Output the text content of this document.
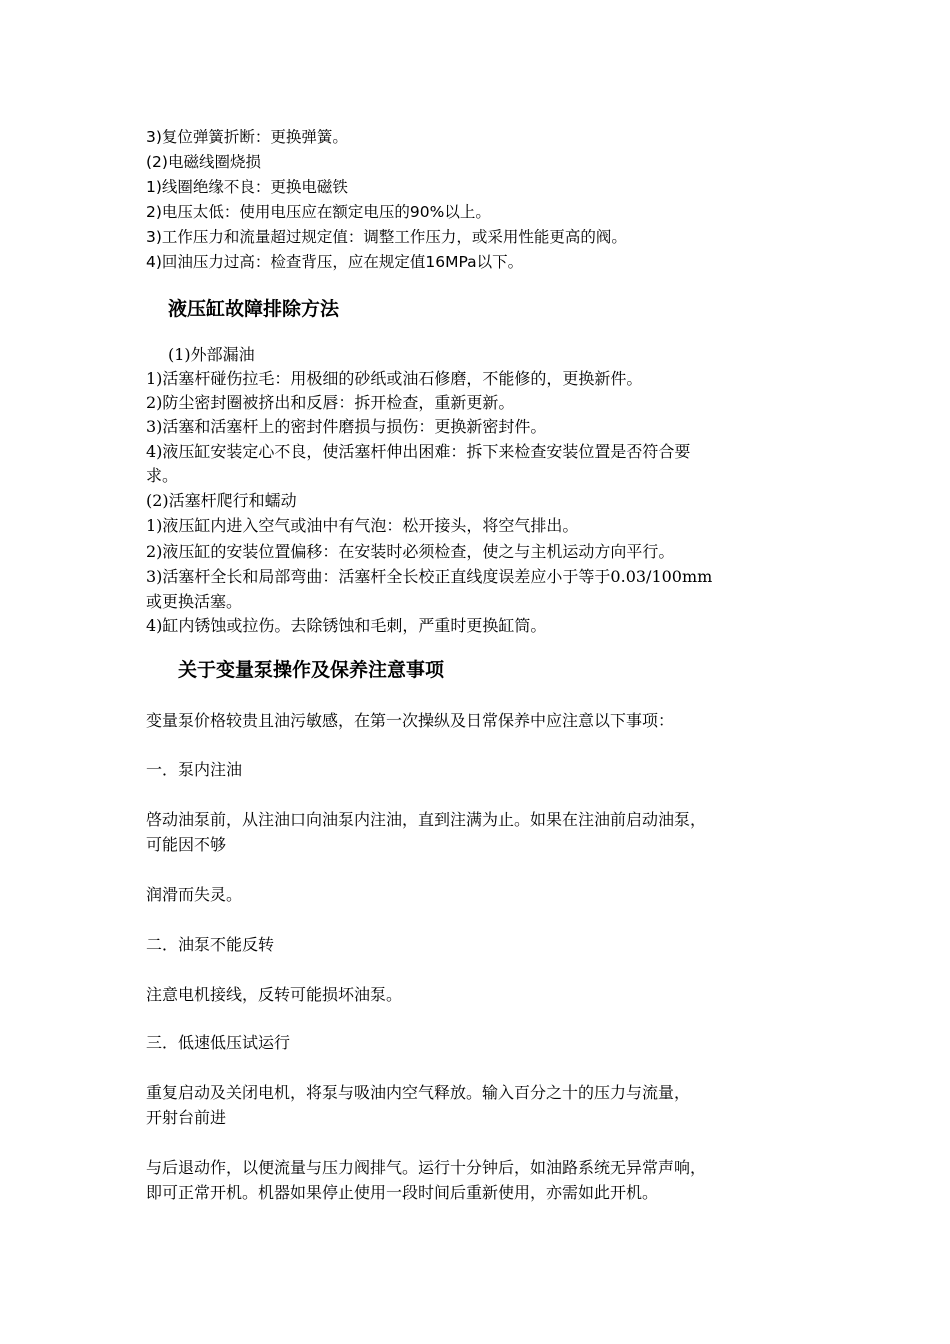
3)复位弹簧折断：更换弹簧。
(2)电磁线圈烧损
1)线圈绝缘不良：更换电磁铁
2)电压太低：使用电压应在额定电压的90%以上。
3)工作压力和流量超过规定值：调整工作压力，或采用性能更高的阀。
4)回油压力过高：检查背压，应在规定值16MPa以下。
液压缸故障排除方法
(1)外部漏油
1)活塞杆碰伤拉毛：用极细的砂纸或油石修磨，不能修的，更换新件。
2)防尘密封圈被挤出和反唇：拆开检查，重新更新。
3)活塞和活塞杆上的密封件磨损与损伤：更换新密封件。
4)液压缸安装定心不良，使活塞杆伸出困难：拆下来检查安装位置是否符合要
求。
(2)活塞杆爬行和蠕动
1)液压缸内进入空气或油中有气泡：松开接头，将空气排出。
2)液压缸的安装位置偏移：在安装时必须检查，使之与主机运动方向平行。
3)活塞杆全长和局部弯曲：活塞杆全长校正直线度误差应小于等于0.03/100mm
或更换活塞。
4)缸内锈蚀或拉伤。去除锈蚀和毛刺，严重时更换缸筒。
关于变量泵操作及保养注意事项
变量泵价格较贵且油污敏感，在第一次操纵及日常保养中应注意以下事项：
一．泵内注油
啓动油泵前，从注油口向油泵内注油，直到注满为止。如果在注油前启动油泵，
可能因不够
润滑而失灵。
二．油泵不能反转
注意电机接线，反转可能损坏油泵。
三．低速低压试运行
重复启动及关闭电机，将泵与吸油内空气释放。输入百分之十的压力与流量，
开射台前进
与后退动作，以便流量与压力阀排气。运行十分钟后，如油路系统无异常声响，
即可正常开机。机器如果停止使用一段时间后重新使用，亦需如此开机。
